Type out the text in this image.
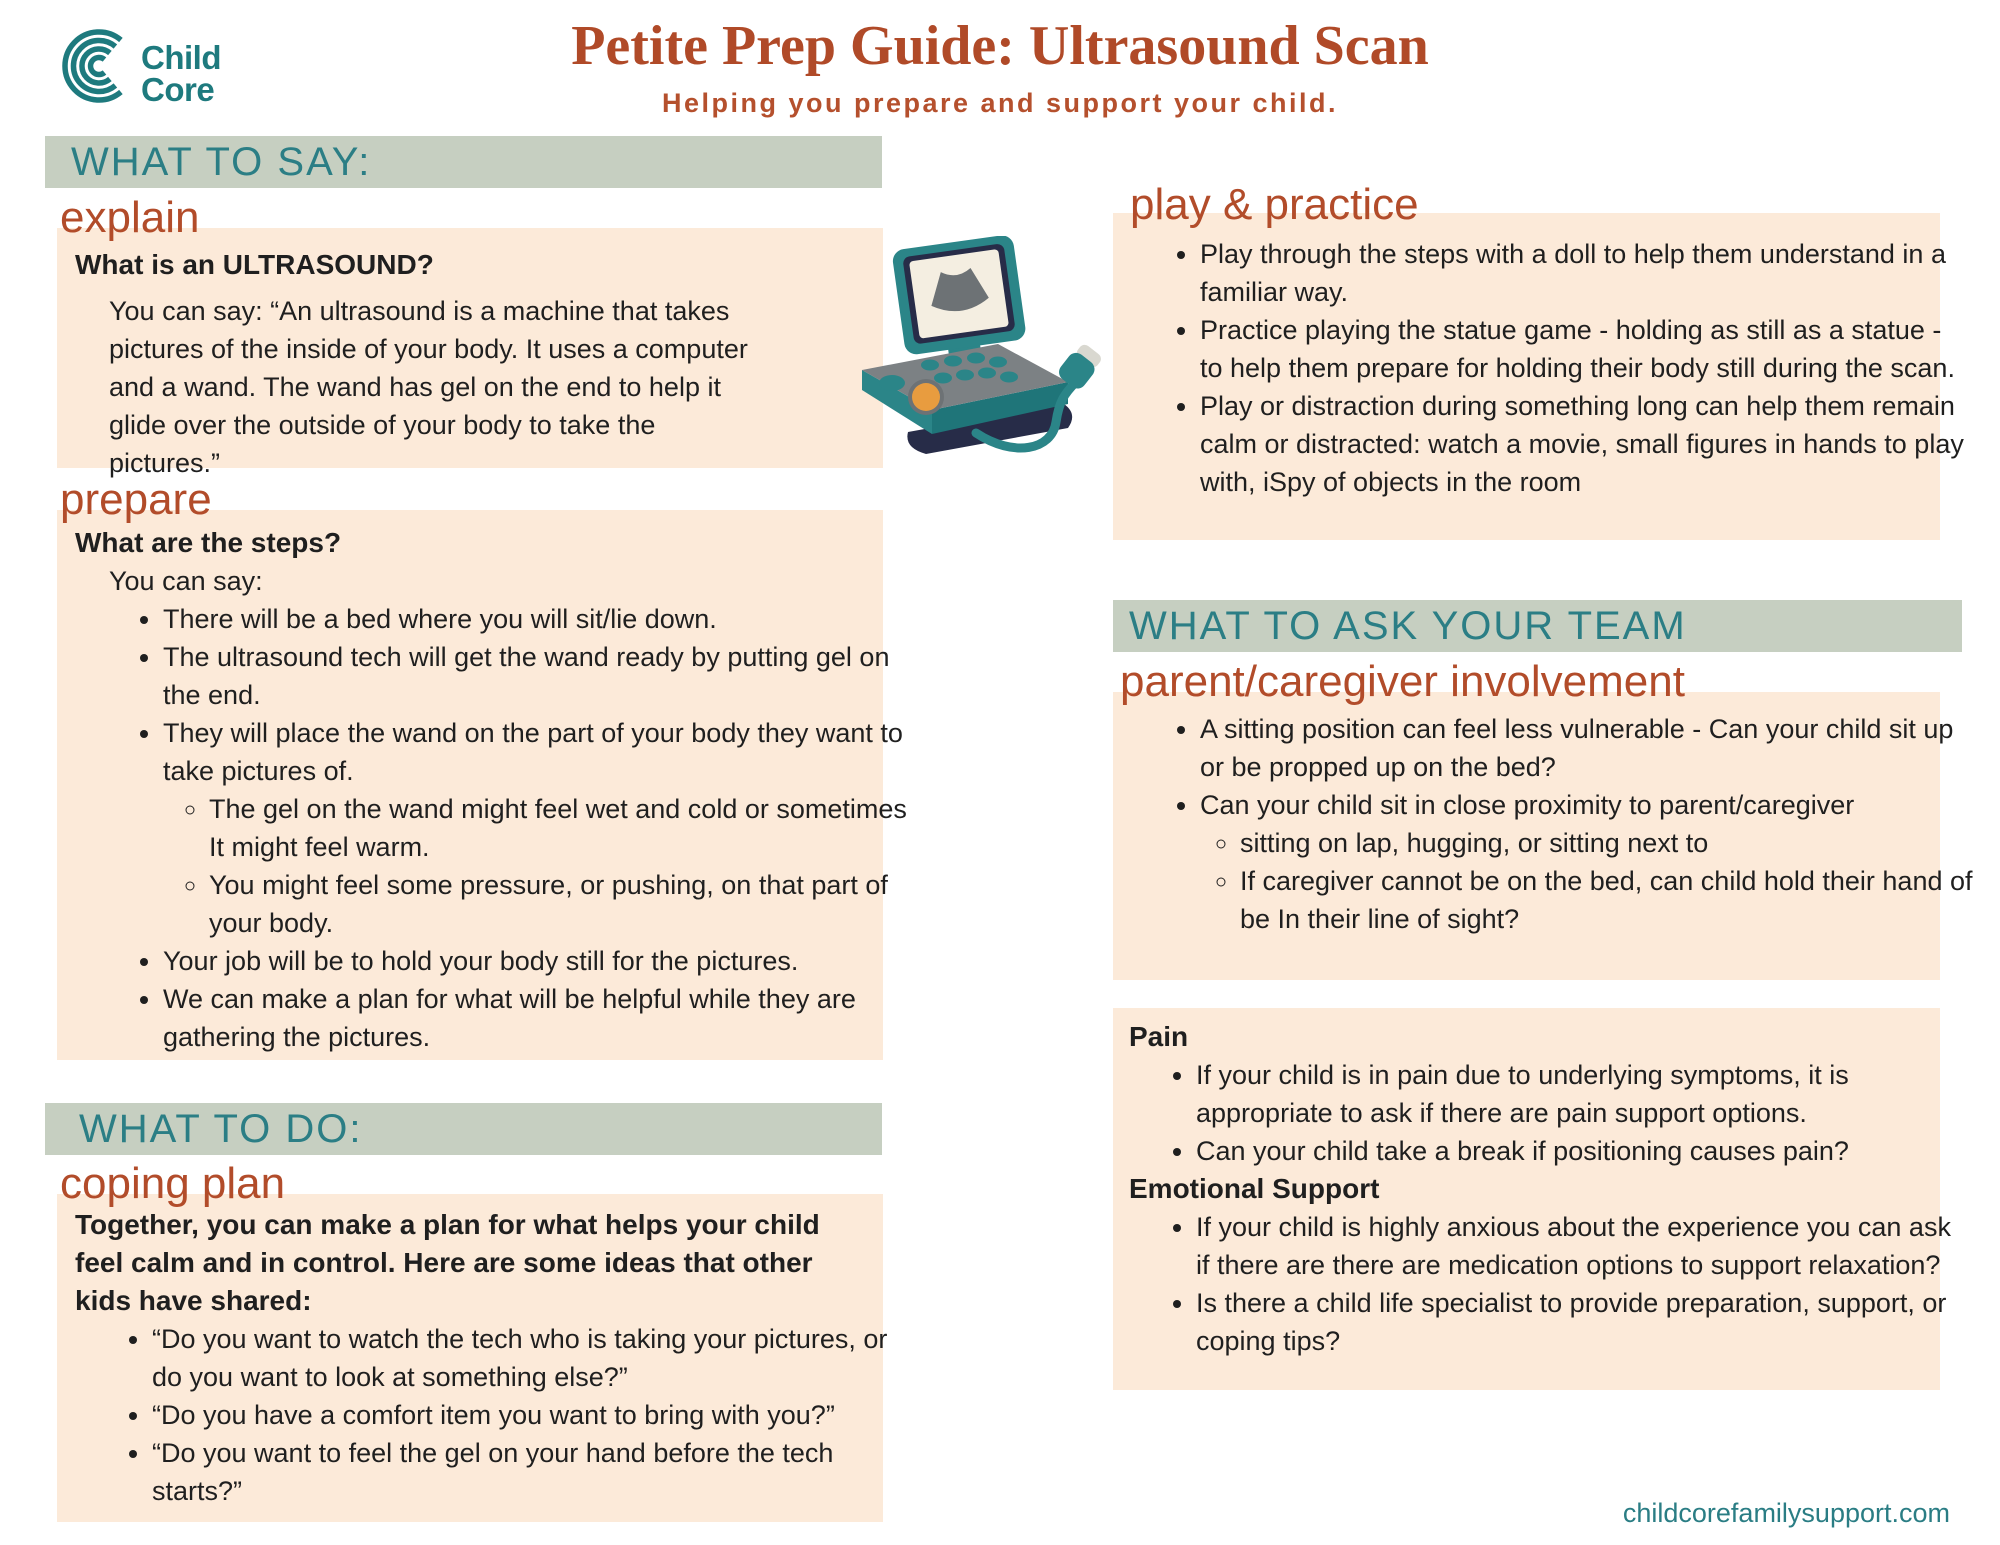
Child
Core
Petite Prep Guide: Ultrasound Scan
Helping you prepare and support your child.
WHAT TO SAY:
explain
What is an ULTRASOUND?
You can say: “An ultrasound is a machine that takes pictures of the inside of your body. It uses a computer and a wand. The wand has gel on the end to help it glide over the outside of your body to take the pictures.”
prepare
What are the steps?
You can say:
• There will be a bed where you will sit/lie down.
• The ultrasound tech will get the wand ready by putting gel on the end.
• They will place the wand on the part of your body they want to take pictures of.
◦ The gel on the wand might feel wet and cold or sometimes It might feel warm.
◦ You might feel some pressure, or pushing, on that part of your body.
• Your job will be to hold your body still for the pictures.
• We can make a plan for what will be helpful while they are gathering the pictures.
WHAT TO DO:
coping plan
Together, you can make a plan for what helps your child feel calm and in control. Here are some ideas that other kids have shared:
• “Do you want to watch the tech who is taking your pictures, or do you want to look at something else?”
• “Do you have a comfort item you want to bring with you?”
• “Do you want to feel the gel on your hand before the tech starts?”
play & practice
• Play through the steps with a doll to help them understand in a familiar way.
• Practice playing the statue game - holding as still as a statue - to help them prepare for holding their body still during the scan.
• Play or distraction during something long can help them remain calm or distracted: watch a movie, small figures in hands to play with, iSpy of objects in the room
WHAT TO ASK YOUR TEAM
parent/caregiver involvement
• A sitting position can feel less vulnerable - Can your child sit up or be propped up on the bed?
• Can your child sit in close proximity to parent/caregiver
◦ sitting on lap, hugging, or sitting next to
◦ If caregiver cannot be on the bed, can child hold their hand of be In their line of sight?
Pain
• If your child is in pain due to underlying symptoms, it is appropriate to ask if there are pain support options.
• Can your child take a break if positioning causes pain?
Emotional Support
• If your child is highly anxious about the experience you can ask if there are there are medication options to support relaxation?
• Is there a child life specialist to provide preparation, support, or coping tips?
childcorefamilysupport.com
